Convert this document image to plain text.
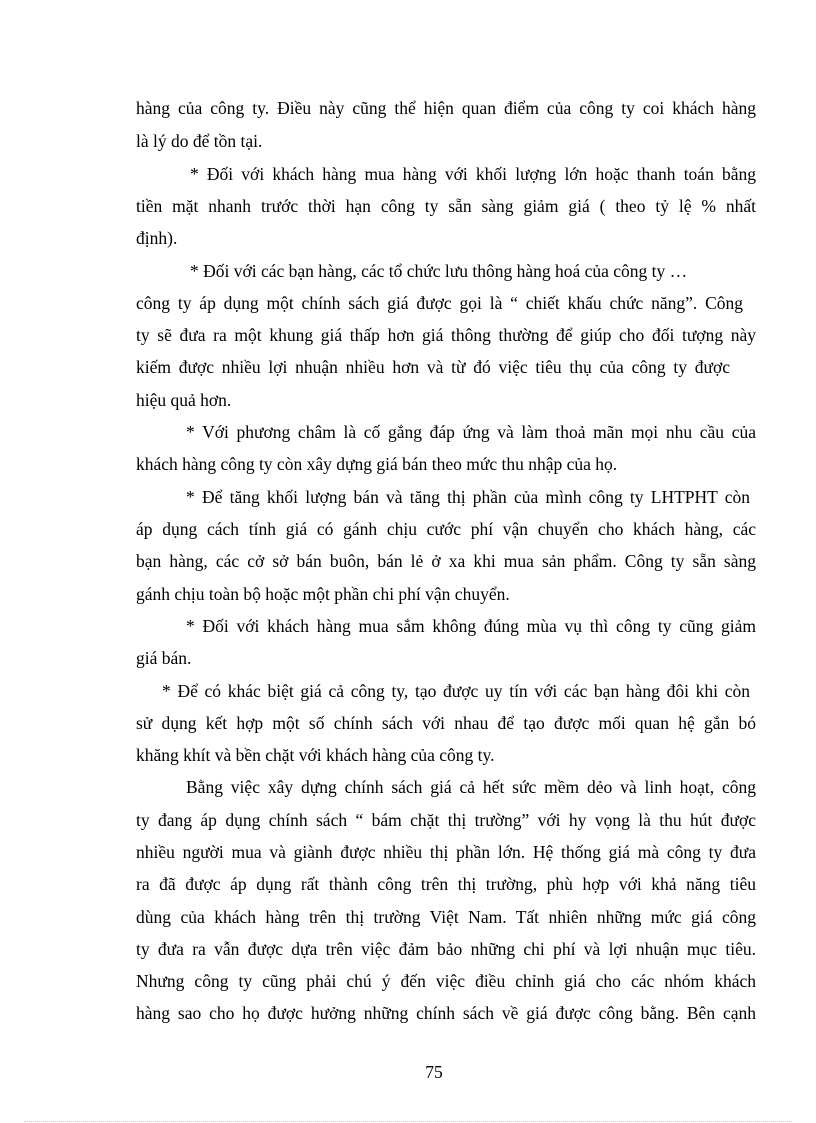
hàng của công ty. Điều này cũng thể hiện quan điểm của công ty coi khách hàng
là lý do để tồn tại.
* Đối với khách hàng mua hàng với khối lượng lớn hoặc thanh toán bằng
tiền mặt nhanh trước thời hạn công ty sẵn sàng giảm giá ( theo tỷ lệ % nhất
định).
* Đối với các bạn hàng, các tổ chức lưu thông hàng hoá của công ty …
công ty áp dụng một chính sách giá được gọi là “ chiết khấu chức năng”. Công
ty sẽ đưa ra một khung giá thấp hơn giá thông thường để giúp cho đối tượng này
kiếm được nhiều lợi nhuận nhiều hơn và từ đó việc tiêu thụ của công ty được
hiệu quả hơn.
* Với phương châm là cố gắng đáp ứng và làm thoả mãn mọi nhu cầu của
khách hàng công ty còn xây dựng giá bán theo mức thu nhập của họ.
* Để tăng khối lượng bán và tăng thị phần của mình công ty LHTPHT còn
áp dụng cách tính giá có gánh chịu cước phí vận chuyển cho khách hàng, các
bạn hàng, các cở sở bán buôn, bán lẻ ở xa khi mua sản phẩm. Công ty sẵn sàng
gánh chịu toàn bộ hoặc một phần chi phí vận chuyển.
* Đối với khách hàng mua sắm không đúng mùa vụ thì công ty cũng giảm
giá bán.
* Để có khác biệt giá cả công ty, tạo được uy tín với các bạn hàng đôi khi còn
sử dụng kết hợp một số chính sách với nhau để tạo được mối quan hệ gắn bó
khăng khít và bền chặt với khách hàng của công ty.
Bằng việc xây dựng chính sách giá cả hết sức mềm dẻo và linh hoạt, công
ty đang áp dụng chính sách “ bám chặt thị trường” với hy vọng là thu hút được
nhiều người mua và giành được nhiều thị phần lớn. Hệ thống giá mà công ty đưa
ra đã được áp dụng rất thành công trên thị trường, phù hợp với khả năng tiêu
dùng của khách hàng trên thị trường Việt Nam. Tất nhiên những mức giá công
ty đưa ra vẫn được dựa trên việc đảm bảo những chi phí và lợi nhuận mục tiêu.
Nhưng công ty cũng phải chú ý đến việc điều chỉnh giá cho các nhóm khách
hàng sao cho họ được hưởng những chính sách về giá được công bằng. Bên cạnh
75
